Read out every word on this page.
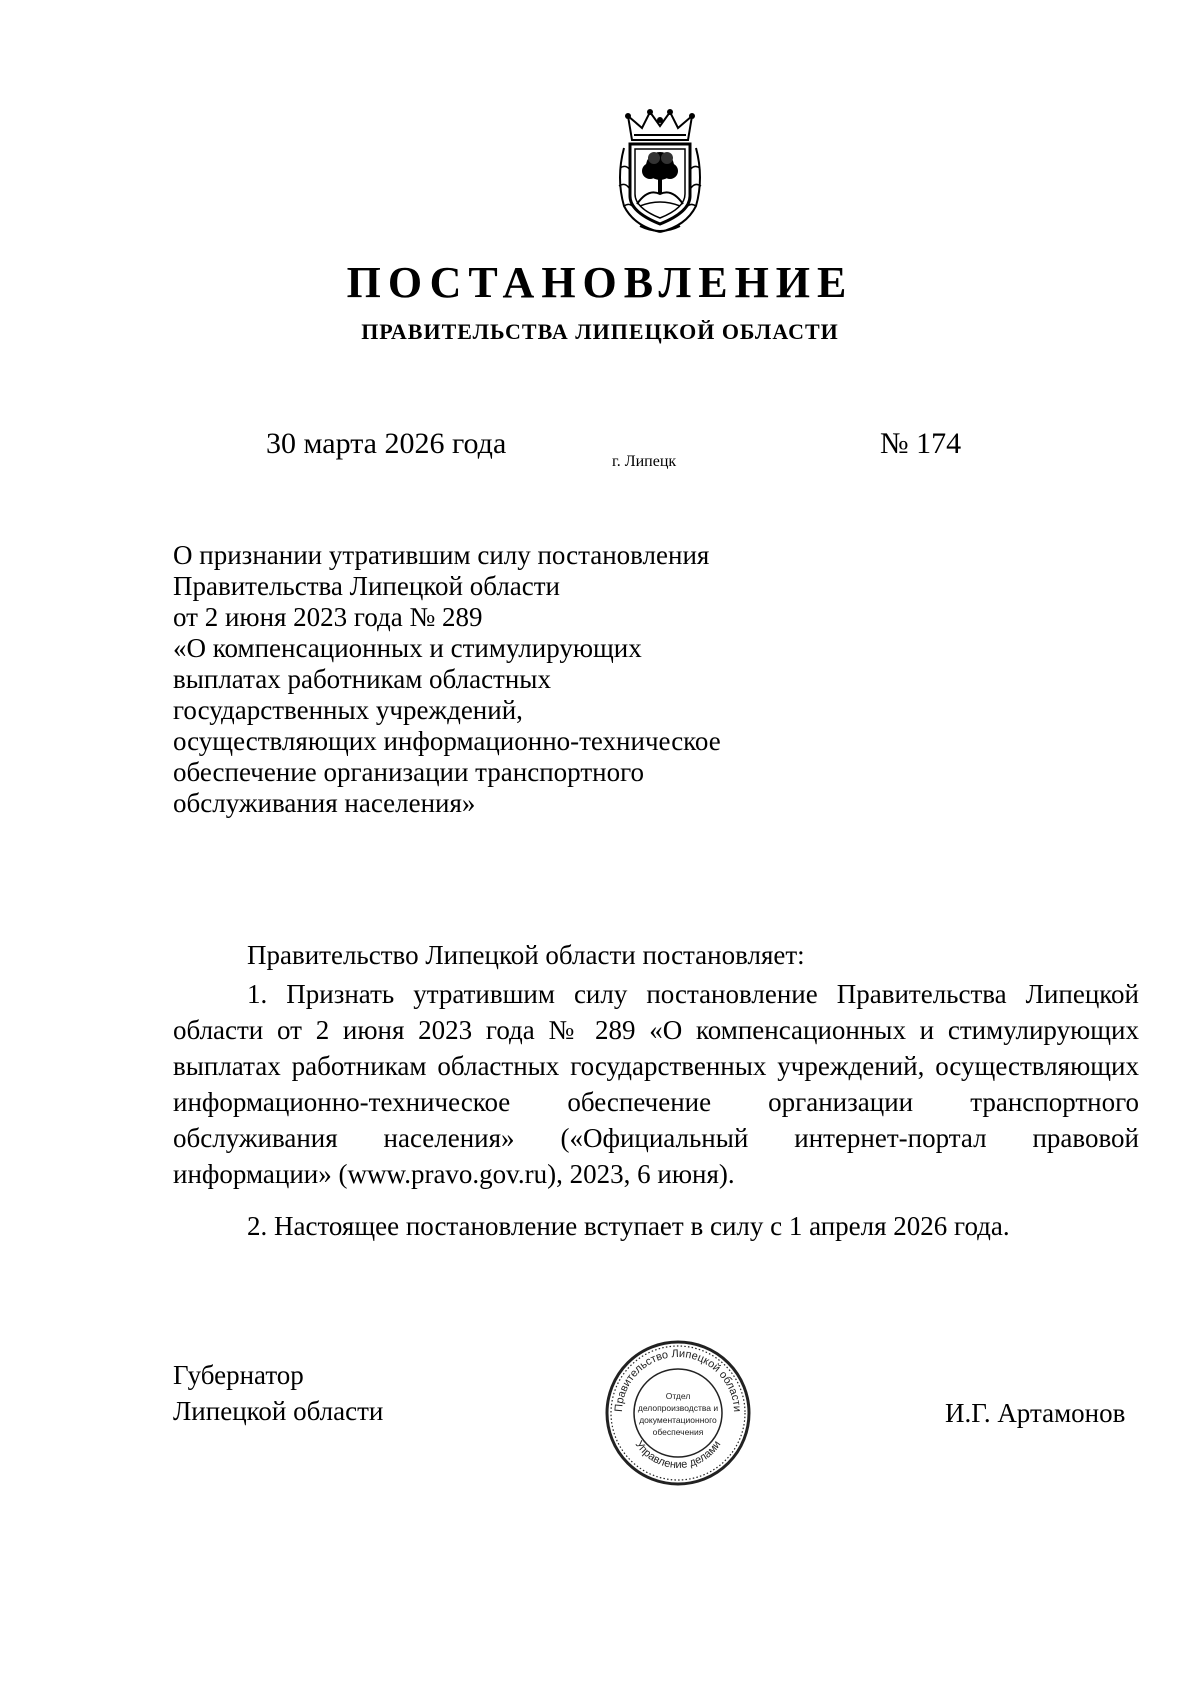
ПОСТАНОВЛЕНИЕ
ПРАВИТЕЛЬСТВА ЛИПЕЦКОЙ ОБЛАСТИ
30 марта 2026 года
г. Липецк
№ 174
О признании утратившим силу постановления
Правительства Липецкой области
от 2 июня 2023 года № 289
«О компенсационных и стимулирующих
выплатах работникам областных
государственных учреждений,
осуществляющих информационно-техническое
обеспечение организации транспортного
обслуживания населения»
Правительство Липецкой области постановляет:
1. Признать утратившим силу постановление Правительства Липецкой области от 2 июня 2023 года № 289 «О компенсационных и стимулирующих выплатах работникам областных государственных учреждений, осуществляющих информационно-техническое обеспечение организации транспортного обслуживания населения» («Официальный интернет-портал правовой информации» (www.pravo.gov.ru), 2023, 6 июня).
2. Настоящее постановление вступает в силу с 1 апреля 2026 года.
Губернатор
Липецкой области	Правительство Липецкой области
Управление делами
Отдел
делопроизводства и
документационного
обеспечения
И.Г. Артамонов
